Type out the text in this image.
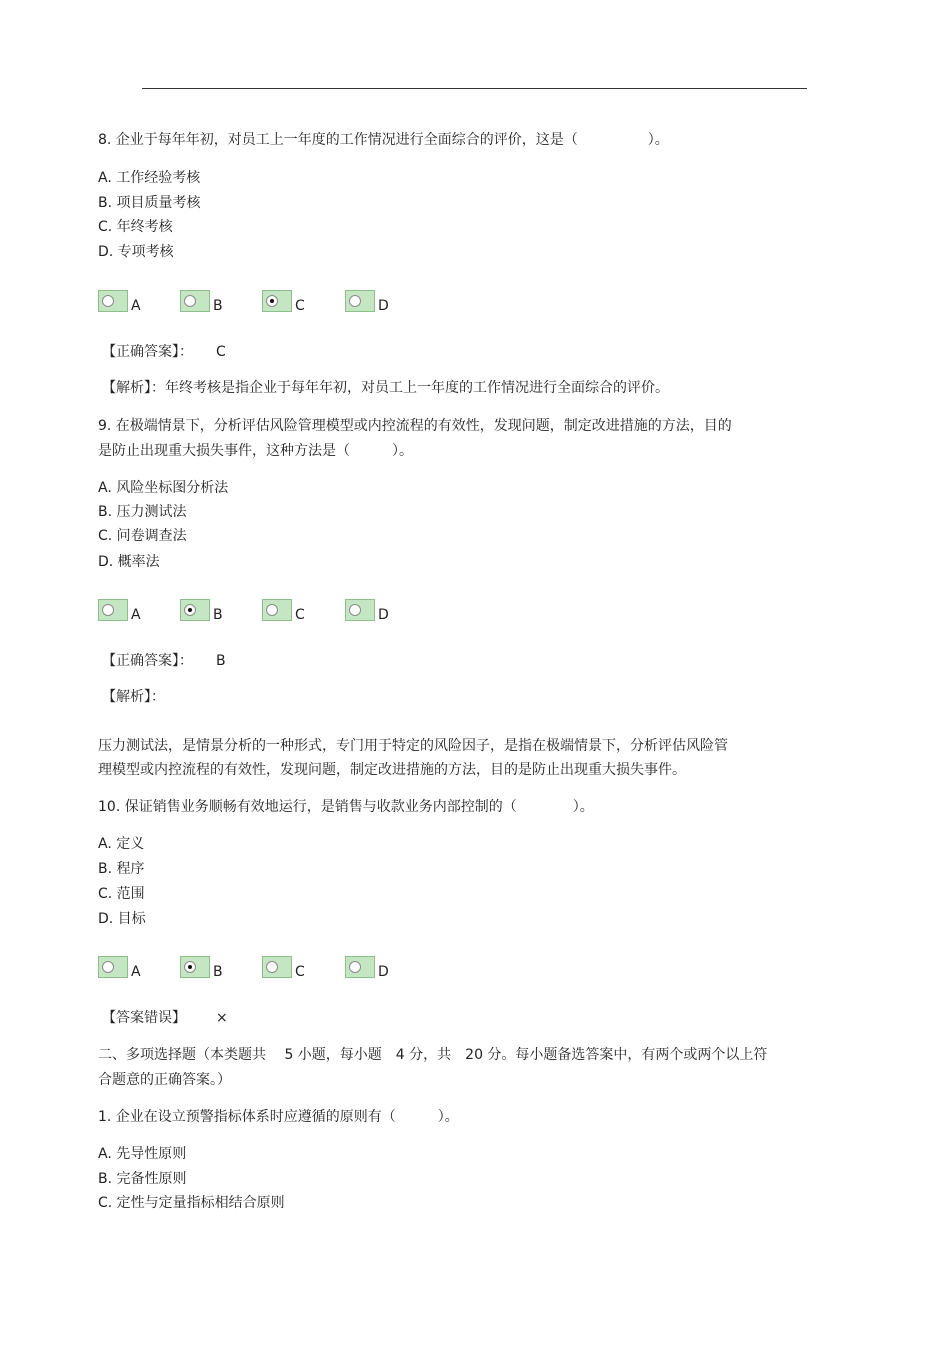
8. 企业于每年年初，对员工上一年度的工作情况进行全面综合的评价，这是（　　　　　）。
A. 工作经验考核
B. 项目质量考核
C. 年终考核
D. 专项考核
A	B	C	D
【正确答案】： C
【解析】：年终考核是指企业于每年年初，对员工上一年度的工作情况进行全面综合的评价。
9. 在极端情景下，分析评估风险管理模型或内控流程的有效性，发现问题，制定改进措施的方法，目的
是防止出现重大损失事件，这种方法是（　　　）。
A. 风险坐标图分析法
B. 压力测试法
C. 问卷调查法
D. 概率法
A	B	C	D
【正确答案】： B
【解析】：
压力测试法，是情景分析的一种形式，专门用于特定的风险因子，是指在极端情景下，分析评估风险管
理模型或内控流程的有效性，发现问题，制定改进措施的方法，目的是防止出现重大损失事件。
10. 保证销售业务顺畅有效地运行，是销售与收款业务内部控制的（　　　　）。
A. 定义
B. 程序
C. 范围
D. 目标
A	B	C	D
【答案错误】 ×
二、多项选择题（本类题共　 5 小题，每小题　4 分，共　20 分。每小题备选答案中，有两个或两个以上符
合题意的正确答案。）
1. 企业在设立预警指标体系时应遵循的原则有（　　　）。
A. 先导性原则
B. 完备性原则
C. 定性与定量指标相结合原则
